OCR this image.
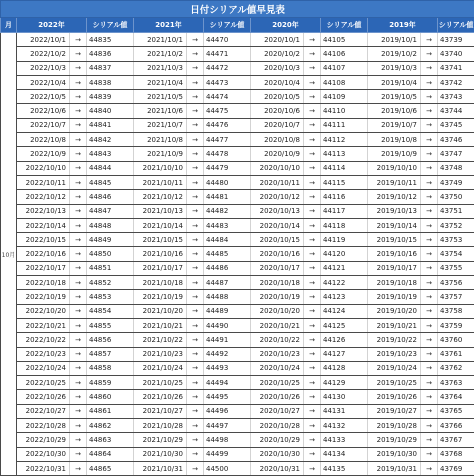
日付シリアル値早見表												
月	2022年		シリアル値	2021年		シリアル値	2020年		シリアル値	2019年		シリアル値
10月	2022/10/1	→	44835	2021/10/1	→	44470	2020/10/1	→	44105	2019/10/1	→	43739
	2022/10/2	→	44836	2021/10/2	→	44471	2020/10/2	→	44106	2019/10/2	→	43740
	2022/10/3	→	44837	2021/10/3	→	44472	2020/10/3	→	44107	2019/10/3	→	43741
	2022/10/4	→	44838	2021/10/4	→	44473	2020/10/4	→	44108	2019/10/4	→	43742
	2022/10/5	→	44839	2021/10/5	→	44474	2020/10/5	→	44109	2019/10/5	→	43743
	2022/10/6	→	44840	2021/10/6	→	44475	2020/10/6	→	44110	2019/10/6	→	43744
	2022/10/7	→	44841	2021/10/7	→	44476	2020/10/7	→	44111	2019/10/7	→	43745
	2022/10/8	→	44842	2021/10/8	→	44477	2020/10/8	→	44112	2019/10/8	→	43746
	2022/10/9	→	44843	2021/10/9	→	44478	2020/10/9	→	44113	2019/10/9	→	43747
	2022/10/10	→	44844	2021/10/10	→	44479	2020/10/10	→	44114	2019/10/10	→	43748
	2022/10/11	→	44845	2021/10/11	→	44480	2020/10/11	→	44115	2019/10/11	→	43749
	2022/10/12	→	44846	2021/10/12	→	44481	2020/10/12	→	44116	2019/10/12	→	43750
	2022/10/13	→	44847	2021/10/13	→	44482	2020/10/13	→	44117	2019/10/13	→	43751
	2022/10/14	→	44848	2021/10/14	→	44483	2020/10/14	→	44118	2019/10/14	→	43752
	2022/10/15	→	44849	2021/10/15	→	44484	2020/10/15	→	44119	2019/10/15	→	43753
	2022/10/16	→	44850	2021/10/16	→	44485	2020/10/16	→	44120	2019/10/16	→	43754
	2022/10/17	→	44851	2021/10/17	→	44486	2020/10/17	→	44121	2019/10/17	→	43755
	2022/10/18	→	44852	2021/10/18	→	44487	2020/10/18	→	44122	2019/10/18	→	43756
	2022/10/19	→	44853	2021/10/19	→	44488	2020/10/19	→	44123	2019/10/19	→	43757
	2022/10/20	→	44854	2021/10/20	→	44489	2020/10/20	→	44124	2019/10/20	→	43758
	2022/10/21	→	44855	2021/10/21	→	44490	2020/10/21	→	44125	2019/10/21	→	43759
	2022/10/22	→	44856	2021/10/22	→	44491	2020/10/22	→	44126	2019/10/22	→	43760
	2022/10/23	→	44857	2021/10/23	→	44492	2020/10/23	→	44127	2019/10/23	→	43761
	2022/10/24	→	44858	2021/10/24	→	44493	2020/10/24	→	44128	2019/10/24	→	43762
	2022/10/25	→	44859	2021/10/25	→	44494	2020/10/25	→	44129	2019/10/25	→	43763
	2022/10/26	→	44860	2021/10/26	→	44495	2020/10/26	→	44130	2019/10/26	→	43764
	2022/10/27	→	44861	2021/10/27	→	44496	2020/10/27	→	44131	2019/10/27	→	43765
	2022/10/28	→	44862	2021/10/28	→	44497	2020/10/28	→	44132	2019/10/28	→	43766
	2022/10/29	→	44863	2021/10/29	→	44498	2020/10/29	→	44133	2019/10/29	→	43767
	2022/10/30	→	44864	2021/10/30	→	44499	2020/10/30	→	44134	2019/10/30	→	43768
	2022/10/31	→	44865	2021/10/31	→	44500	2020/10/31	→	44135	2019/10/31	→	43769
